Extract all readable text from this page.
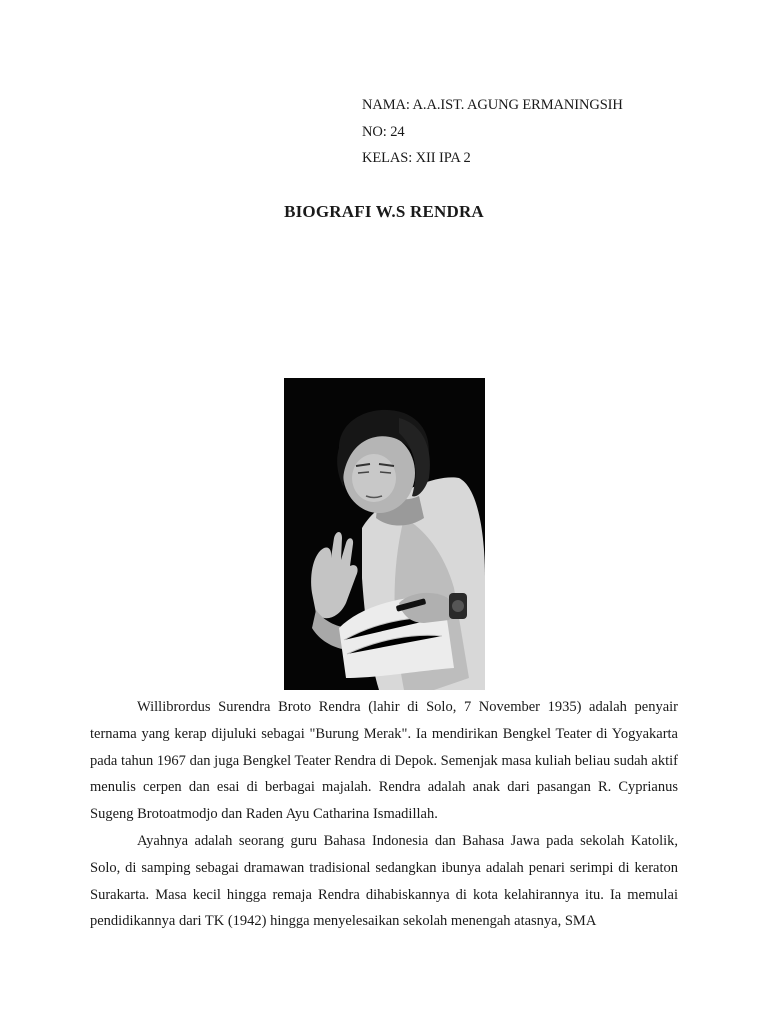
NAMA: A.A.IST. AGUNG ERMANINGSIH
NO: 24
KELAS: XII IPA 2
BIOGRAFI W.S RENDRA

Willibrordus Surendra Broto Rendra (lahir di Solo, 7 November 1935) adalah penyair ternama yang kerap dijuluki sebagai "Burung Merak". Ia mendirikan Bengkel Teater di Yogyakarta pada tahun 1967 dan juga Bengkel Teater Rendra di Depok. Semenjak masa kuliah beliau sudah aktif menulis cerpen dan esai di berbagai majalah. Rendra adalah anak dari pasangan R. Cyprianus Sugeng Brotoatmodjo dan Raden Ayu Catharina Ismadillah.

Ayahnya adalah seorang guru Bahasa Indonesia dan Bahasa Jawa pada sekolah Katolik, Solo, di samping sebagai dramawan tradisional sedangkan ibunya adalah penari serimpi di keraton Surakarta. Masa kecil hingga remaja Rendra dihabiskannya di kota kelahirannya itu. Ia memulai pendidikannya dari TK (1942) hingga menyelesaikan sekolah menengah atasnya, SMA
